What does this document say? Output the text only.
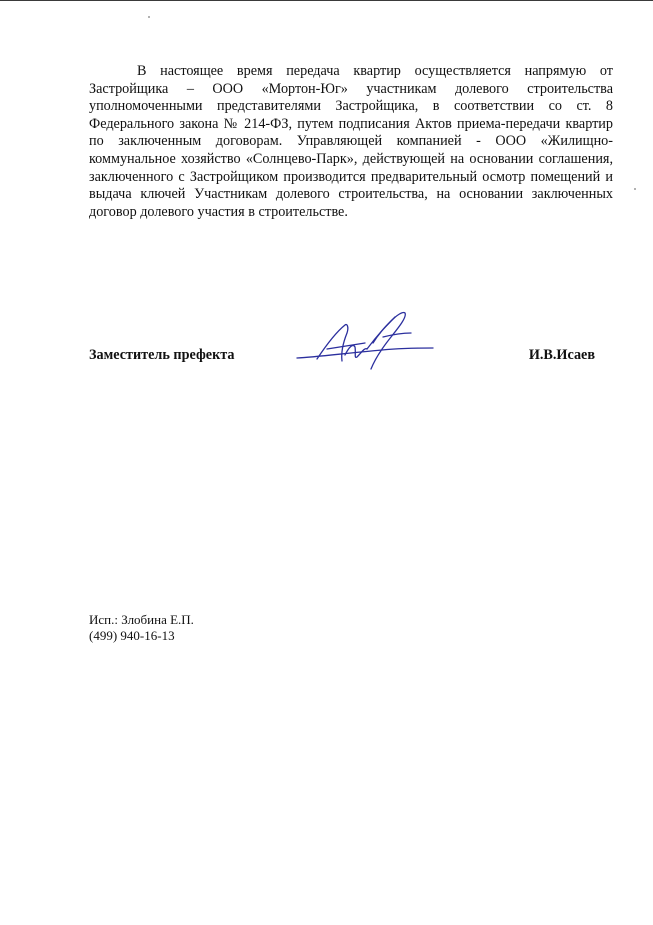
В настоящее время передача квартир осуществляется напрямую от Застройщика – ООО «Мортон-Юг» участникам долевого строительства уполномоченными представителями Застройщика, в соответствии со ст. 8 Федерального закона № 214-ФЗ, путем подписания Актов приема-передачи квартир по заключенным договорам. Управляющей компанией - ООО «Жилищно-коммунальное хозяйство «Солнцево-Парк», действующей на основании соглашения, заключенного с Застройщиком производится предварительный осмотр помещений и выдача ключей Участникам долевого строительства, на основании заключенных договор долевого участия в строительстве.

Заместитель префекта	И.В.Исаев
Исп.: Злобина Е.П.
(499) 940-16-13
